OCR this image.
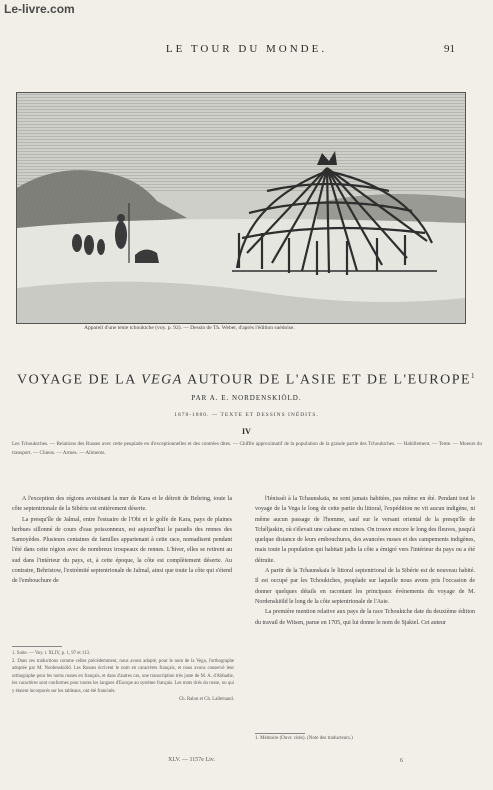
Le-livre.com
LE TOUR DU MONDE.	91
Appareil d'une tente tchouktche (voy. p. 92). — Dessin de Th. Weber, d'après l'édition suédoise.
VOYAGE DE LA VEGA AUTOUR DE L'ASIE ET DE L'EUROPE$^1$
PAR A. E. NORDENSKIÖLD.
1878-1880. — TEXTE ET DESSINS INÉDITS.
IV
Les Tchouktches. — Relations des Russes avec cette peuplade en d'exceptionnelles et des contrées dites. — Chiffre approximatif de la population de la grande partie des Tchouktches. — Habillement. — Tente. — Moeurs du transport. — Chiens. — Armes. — Aliments.

A l'exception des régions avoisinant la mer de Kara et le détroit de Behring, toute la côte septentrionale de la Sibérie est entièrement déserte.

La presqu'île de Jalmal, entre l'estuaire de l'Obi et le golfe de Kara, pays de plaines herbues sillonné de cours d'eau poissonneux, est aujourd'hui le paradis des rennes des Samoyèdes. Plusieurs centaines de familles appartenant à cette race, nomadisent pendant l'été dans cette région avec de nombreux troupeaux de rennes. L'hiver, elles se retirent au sud dans l'intérieur du pays, et, à cette époque, la côte est complètement déserte. Au contraire, Behristow, l'extrémité septentrionale de Jalmal, ainsi que toute la côte qui s'étend de l'embouchure de

l'Iénisséi à la Tchaunskaïa, ne sont jamais habitées, pas même en été. Pendant tout le voyage de la Vega le long de cette partie du littoral, l'expédition ne vit aucun indigène, ni même aucun passage de l'homme, sauf sur le versant oriental de la presqu'île de Tchéljaskin, où s'élevait une cabane en ruines. On trouve encore le long des fleuves, jusqu'à quelque distance de leurs embouchures, des avancées russes et des campements indigènes, mais toute la population qui habitait jadis la côte a émigré vers l'intérieur du pays ou a été détruite.

A partir de la Tchaunskaïa le littoral septentrional de la Sibérie est de nouveau habité. Il est occupé par les Tchouktches, peuplade sur laquelle nous avons pris l'occasion de donner quelques détails en racontant les principaux événements du voyage de M. Nordenskiöld le long de la côte septentrionale de l'Asie.

La première mention relative aux pays de la race Tchouktche date du deuxième édition du travail de Witsen, parue en 1705, qui lui donne le nom de Sjakiel. Cet auteur

1. Suite. — Voy. t. XLIV, p. 1, 97 et 113.

2. Dans ces traductions comme celles précédemment, nous avons adopté, pour le nom de la Vega, l'orthographe adoptée par M. Nordenskiöld. Les Russes écrivent le nom en caractères français, et nous avons conservé leur orthographe pour les noms russes en français, et dans d'autres cas, une transcription très juste de M. A. d'Abbadie, les caractères sont conformes pour toutes les langues d'Europe au système français. Les mots tirés du russe, ou qui y étaient incorporés sur les tableaux, ont été francisés.

Ch. Rabot et Ch. Lallemand.

1. Mémoire (Ouvr. cités). (Note des traducteurs.)
XLV. — 1157e Liv.	6
